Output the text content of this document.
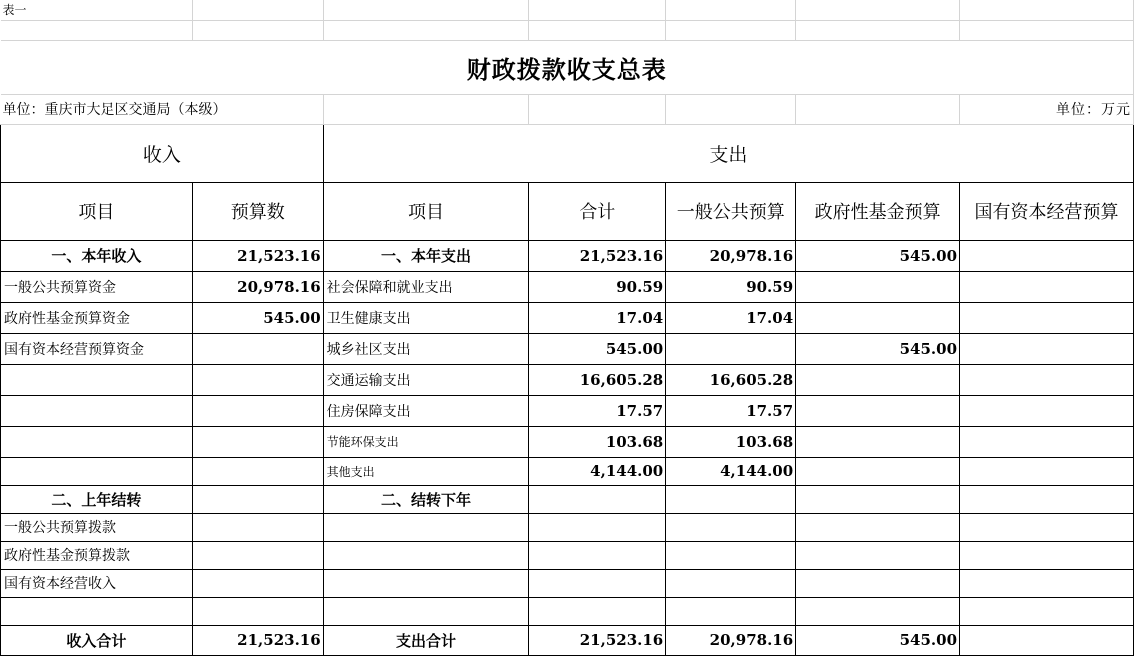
表一						

财政拨款收支总表						
单位：重庆市大足区交通局（本级）						单位：万元
收入		支出				
项目	预算数	项目	合计	一般公共预算	政府性基金预算	国有资本经营预算
一、本年收入	21,523.16	一、本年支出	21,523.16	20,978.16	545.00	
一般公共预算资金	20,978.16	社会保障和就业支出	90.59	90.59		
政府性基金预算资金	545.00	卫生健康支出	17.04	17.04		
国有资本经营预算资金		城乡社区支出	545.00		545.00	
		交通运输支出	16,605.28	16,605.28		
		住房保障支出	17.57	17.57		
		节能环保支出	103.68	103.68		
		其他支出	4,144.00	4,144.00		
二、上年结转		二、结转下年				
一般公共预算拨款						
政府性基金预算拨款						
国有资本经营收入						

收入合计	21,523.16	支出合计	21,523.16	20,978.16	545.00	
